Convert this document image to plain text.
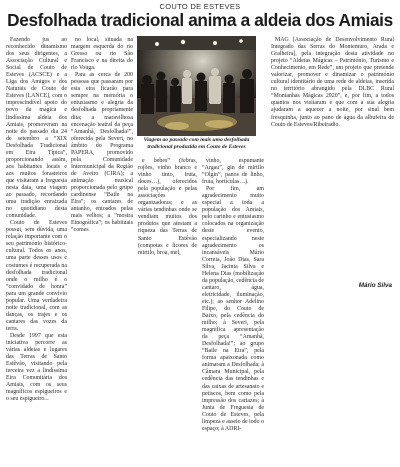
COUTO DE ESTEVES
Desfolhada tradicional anima a aldeia dos Amiais

Fazendo jus ao reconhecido dinamismo dos seus dirigentes, a Associação Cultural e Social de Couto de Esteves (ACSCE) e a Liga dos Amigos e dos Naturais de Couto de Esteves (LANCE), com o imprescindível apoio do povo da mágica e lindíssima aldeia dos Amiais, promoveram na noite do passado dia 24 de setembro a “XIX Desfolhada Tradicional em Eira Típica”, proporcionando assim, aos habitantes locais e aos muitos forasteiros que visitaram a freguesia nesta data, uma viagem ao passado, recordando uma tradição enraizada no quotidiano desta comunidade.

Couto de Esteves possui, sem dúvida, uma relação importante com o seu património histórico-cultural. Todos os anos, uma parte desses usos e costumes é recuperada na desfolhada tradicional onde o milho é o “convidado de honra” para um grande convívio popular. Uma verdadeira noite tradicional, com as danças, os trajes e os cantares das vozes da terra.

Desde 1997 que esta iniciativa percorre as várias aldeias e lugares das Terras de Santo Estêvão, visitando pela terceira vez a lindíssima Eira Comunitária dos Amiais, com os seus magníficos espigueiros e o seu espigueiro...

no local, situada na margem esquerda do rio Gresso ou rio São Francisco e na direita do rio Vouga.

Para as cerca de 200 pessoas que passaram por esta eira ficarão para sempre na memória o entusiasmo e alegria da desfolhada propriamente dita; a maravilhosa encenação teatral da peça “Amanhã, Desfolhada!”, oferecida pela Severi, no âmbito do Programa PAPERA, promovido pela Comunidade Intermunicipal da Região de Aveiro (CIRA); a animação musical proporcionada pelo grupo cardinense “Baile na Eira”; os cantares de antanho, entoados pelas mais velhos; a “mostra Etnográfica”; os habituais “comes

Viagem ao passado com mais uma desfolhada tradicional produzida em Couto de Esteves

e bebes” (febras, rojões, vinho branco e vinho tinto, fruta, doces…), oferecidos pela população e pelas associações organizadoras; e as várias tendinhas onde se vendiam muitos dos produtos que atestam a riqueza das Terras de Santo Estêvão (compotas e licores de mirtilo, broa, mel,

vinho, espumante “Argau”, gin de mirtilo “Olgin”, panos de linho, fruta, hortículas…).

Por fim, um agradecimento muito especial a toda a população dos Amiais, pelo carinho e entusiasmo colocados na organização deste evento, especializando neste agradecimento os incansáveis Mário Correia, João Dias, Sara Silva, Jacinta Silva e Helena Dias (mobilização da população, cedência de cantaro, água, eletricidade, iluminação, etc.); ao senhor Adelino Filipe, do Couto de Baixo, pela cedência do milho; à Severi, pela magnífica apresentação da peça “Amanhã, Desfolhada!”; ao grupo “Baile na Eira”, pela forma apaixonada como animaram a Desfolhada; à Câmara Municipal, pela cedência das tendinhas e das caixas de artesanato e petiscos, bem como pela impressão dos cartazes; à Junta de Freguesia de Couto de Esteves, pela limpeza e asseio de todo o espaço; à ADRI-

MAG [Associação de Desenvolvimento Rural Integrado das Serras do Montemuro, Arada e Gralheira], pela integração desta atividade no projeto “Aldeias Mágicas – Património, Turismo e Conhecimento, em Rede”, um projeto que pretende valorizar, promover e dinamizar o património cultural identitário de uma rede de aldeias, inserida no território abrangido pela DLBC Rural “Montanhas Mágicas 2020”, e, por fim, a todos quantos nos visitaram e que com a sua alegria ajudaram a aquecer a noite, por sinal bem fresquinha, junto ao pano de água da albufeira de Couto de Esteves/Ribeiradio.

Mário Silva
